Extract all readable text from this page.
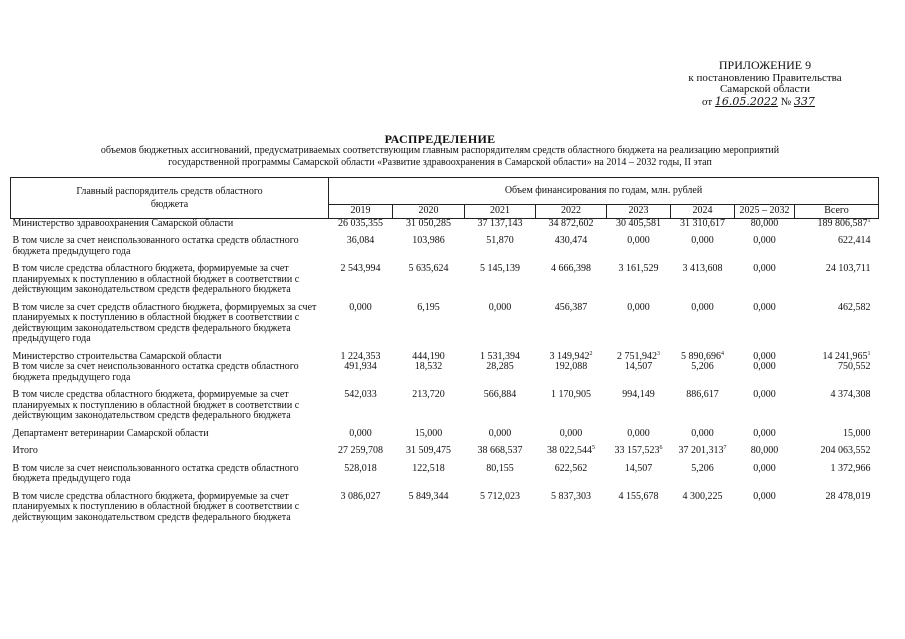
ПРИЛОЖЕНИЕ 9
к постановлению Правительства
Самарской области
от 16.05.2022 № 337
РАСПРЕДЕЛЕНИЕ
объемов бюджетных ассигнований, предусматриваемых соответствующим главным распорядителям средств областного бюджета на реализацию мероприятий
государственной программы Самарской области «Развитие здравоохранения в Самарской области» на 2014 – 2032 годы, II этап
Главный распорядитель средств областного бюджета	Объем финансирования по годам, млн. рублей							
	2019	2020	2021	2022	2023	2024	2025 – 2032	Всего
Министерство здравоохранения Самарской области	26 035,355	31 050,285	37 137,143	34 872,602	30 405,581	31 310,617	80,000	189 806,587$^1$
В том числе за счет неиспользованного остатка средств областного бюджета предыдущего года	36,084	103,986	51,870	430,474	0,000	0,000	0,000	622,414
В том числе средства областного бюджета, формируемые за счет планируемых к поступлению в областной бюджет в соответствии с действующим законодательством средств федерального бюджета	2 543,994	5 635,624	5 145,139	4 666,398	3 161,529	3 413,608	0,000	24 103,711
В том числе за счет средств областного бюджета, формируемых за счет планируемых к поступлению в областной бюджет в соответствии с действующим законодательством средств федерального бюджета предыдущего года	0,000	6,195	0,000	456,387	0,000	0,000	0,000	462,582
Министерство строительства Самарской области	1 224,353	444,190	1 531,394	3 149,942$^2$	2 751,942$^3$	5 890,696$^4$	0,000	14 241,965$^1$
В том числе за счет неиспользованного остатка средств областного бюджета предыдущего года	491,934	18,532	28,285	192,088	14,507	5,206	0,000	750,552
В том числе средства областного бюджета, формируемые за счет планируемых к поступлению в областной бюджет в соответствии с действующим законодательством средств федерального бюджета	542,033	213,720	566,884	1 170,905	994,149	886,617	0,000	4 374,308
Департамент ветеринарии Самарской области	0,000	15,000	0,000	0,000	0,000	0,000	0,000	15,000
Итого	27 259,708	31 509,475	38 668,537	38 022,544$^5$	33 157,523$^6$	37 201,313$^7$	80,000	204 063,552
В том числе за счет неиспользованного остатка средств областного бюджета предыдущего года	528,018	122,518	80,155	622,562	14,507	5,206	0,000	1 372,966
В том числе средства областного бюджета, формируемые за счет планируемых к поступлению в областной бюджет в соответствии с действующим законодательством средств федерального бюджета	3 086,027	5 849,344	5 712,023	5 837,303	4 155,678	4 300,225	0,000	28 478,019
